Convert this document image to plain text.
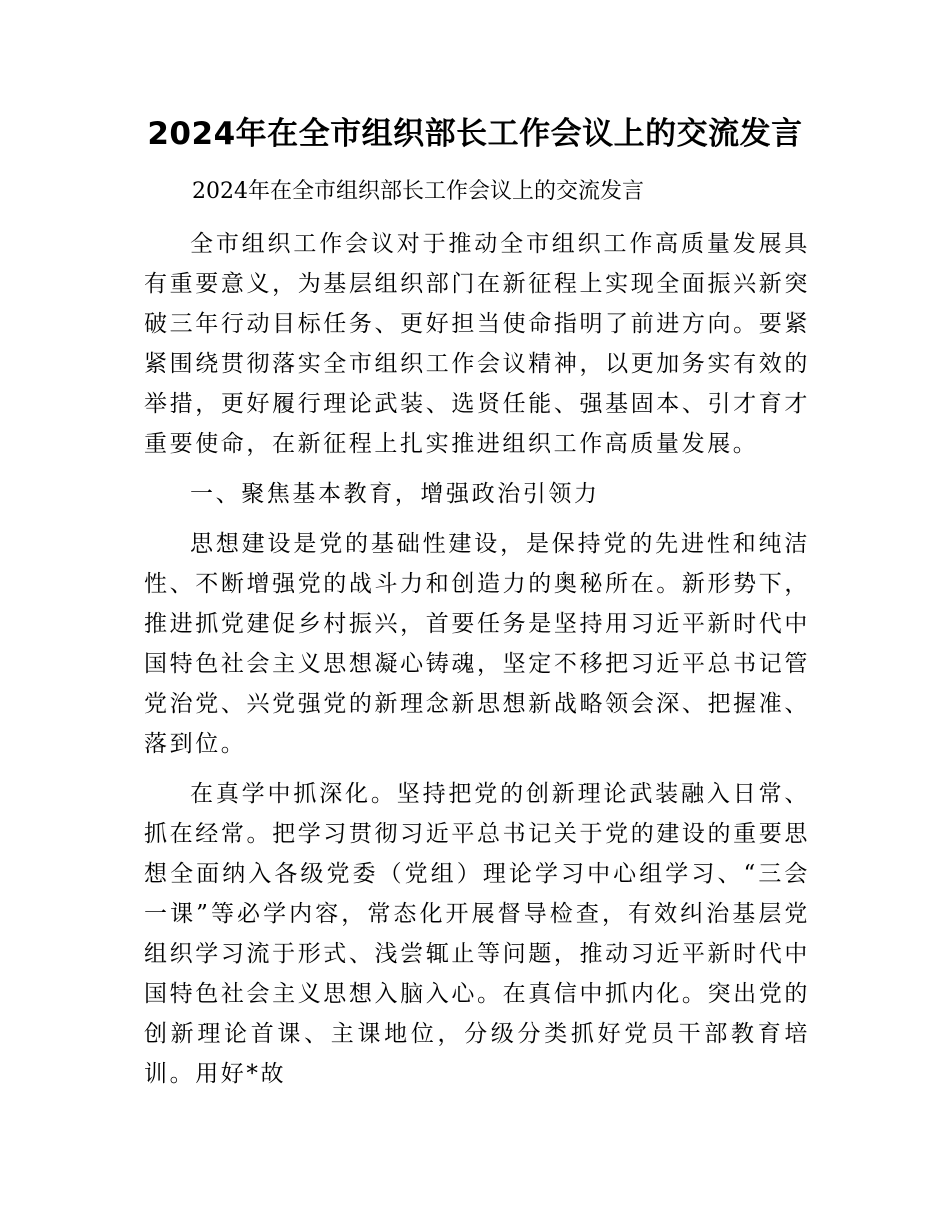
2024年在全市组织部长工作会议上的交流发言

2024年在全市组织部长工作会议上的交流发言

全市组织工作会议对于推动全市组织工作高质量发展具有重要意义，为基层组织部门在新征程上实现全面振兴新突破三年行动目标任务、更好担当使命指明了前进方向。要紧紧围绕贯彻落实全市组织工作会议精神，以更加务实有效的举措，更好履行理论武装、选贤任能、强基固本、引才育才重要使命，在新征程上扎实推进组织工作高质量发展。

一、聚焦基本教育，增强政治引领力

思想建设是党的基础性建设，是保持党的先进性和纯洁性、不断增强党的战斗力和创造力的奥秘所在。新形势下，推进抓党建促乡村振兴，首要任务是坚持用习近平新时代中国特色社会主义思想凝心铸魂，坚定不移把习近平总书记管党治党、兴党强党的新理念新思想新战略领会深、把握准、落到位。

在真学中抓深化。坚持把党的创新理论武装融入日常、抓在经常。把学习贯彻习近平总书记关于党的建设的重要思想全面纳入各级党委（党组）理论学习中心组学习、“三会一课”等必学内容，常态化开展督导检查，有效纠治基层党组织学习流于形式、浅尝辄止等问题，推动习近平新时代中国特色社会主义思想入脑入心。在真信中抓内化。突出党的创新理论首课、主课地位，分级分类抓好党员干部教育培训。用好*故
